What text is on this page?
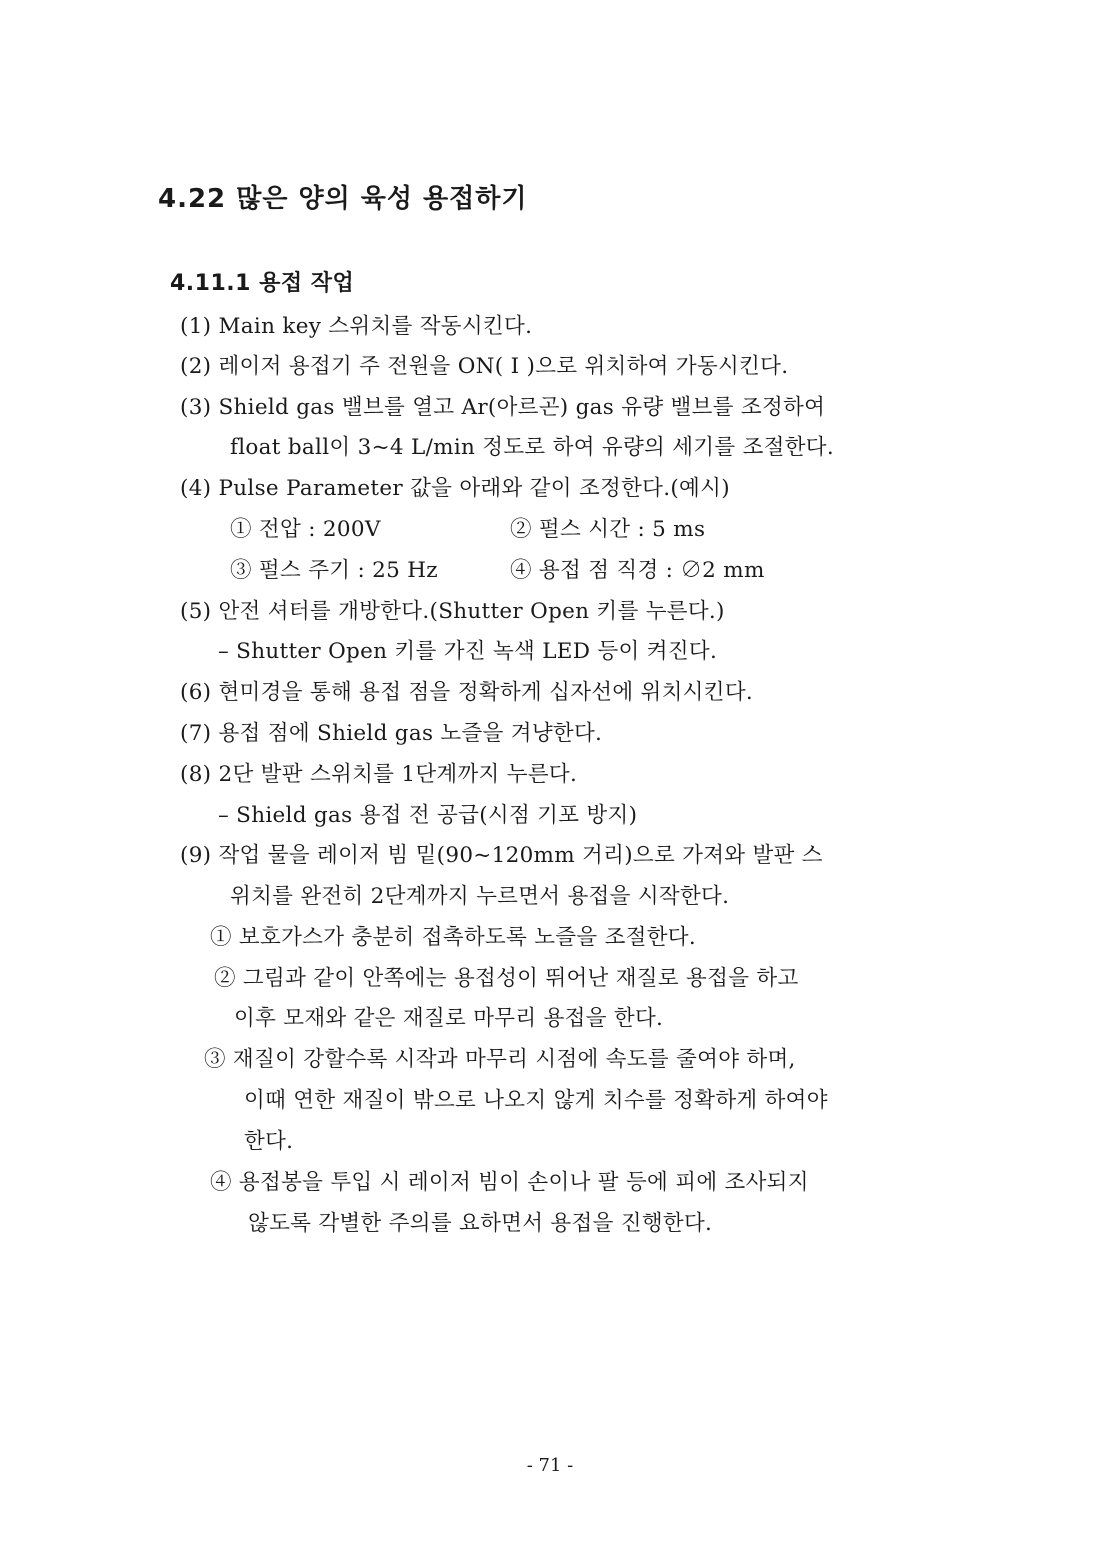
4.22 많은 양의 육성 용접하기
4.11.1 용접 작업
(1) Main key 스위치를 작동시킨다.
(2) 레이저 용접기 주 전원을 ON( I )으로 위치하여 가동시킨다.
(3) Shield gas 밸브를 열고 Ar(아르곤) gas 유량 밸브를 조정하여
float ball이 3~4 L/min 정도로 하여 유량의 세기를 조절한다.
(4) Pulse Parameter 값을 아래와 같이 조정한다.(예시)
① 전압 : 200V	② 펄스 시간 : 5 ms
③ 펄스 주기 : 25 Hz	④ 용접 점 직경 : ∅2 mm
(5) 안전 셔터를 개방한다.(Shutter Open 키를 누른다.)
– Shutter Open 키를 가진 녹색 LED 등이 켜진다.
(6) 현미경을 통해 용접 점을 정확하게 십자선에 위치시킨다.
(7) 용접 점에 Shield gas 노즐을 겨냥한다.
(8) 2단 발판 스위치를 1단계까지 누른다.
– Shield gas 용접 전 공급(시점 기포 방지)
(9) 작업 물을 레이저 빔 밑(90~120mm 거리)으로 가져와 발판 스
위치를 완전히 2단계까지 누르면서 용접을 시작한다.
① 보호가스가 충분히 접촉하도록 노즐을 조절한다.
② 그림과 같이 안쪽에는 용접성이 뛰어난 재질로 용접을 하고
이후 모재와 같은 재질로 마무리 용접을 한다.
③ 재질이 강할수록 시작과 마무리 시점에 속도를 줄여야 하며,
이때 연한 재질이 밖으로 나오지 않게 치수를 정확하게 하여야
한다.
④ 용접봉을 투입 시 레이저 빔이 손이나 팔 등에 피에 조사되지
않도록 각별한 주의를 요하면서 용접을 진행한다.
- 71 -
